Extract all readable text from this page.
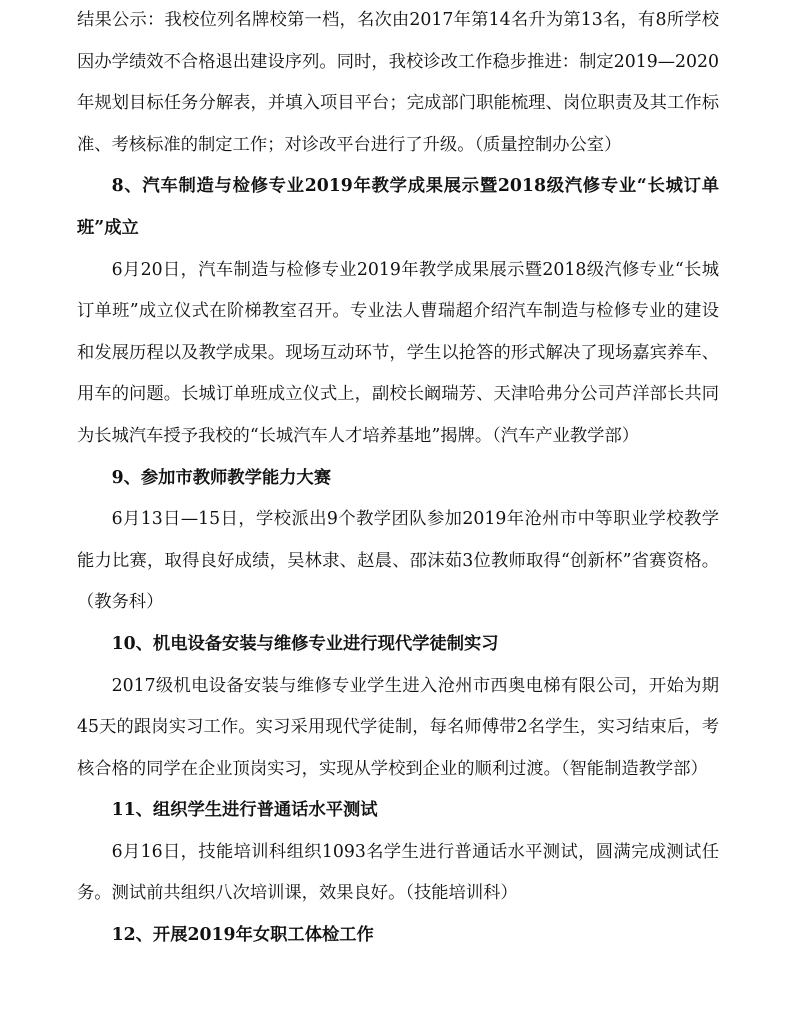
结果公示：我校位列名牌校第一档，名次由2017年第14名升为第13名，有8所学校因办学绩效不合格退出建设序列。同时，我校诊改工作稳步推进：制定2019—2020年规划目标任务分解表，并填入项目平台；完成部门职能梳理、岗位职责及其工作标准、考核标准的制定工作；对诊改平台进行了升级。（质量控制办公室）

8、汽车制造与检修专业2019年教学成果展示暨2018级汽修专业“长城订单班”成立

6月20日，汽车制造与检修专业2019年教学成果展示暨2018级汽修专业“长城订单班”成立仪式在阶梯教室召开。专业法人曹瑞超介绍汽车制造与检修专业的建设和发展历程以及教学成果。现场互动环节，学生以抢答的形式解决了现场嘉宾养车、用车的问题。长城订单班成立仪式上，副校长阚瑞芳、天津哈弗分公司芦洋部长共同为长城汽车授予我校的“长城汽车人才培养基地”揭牌。（汽车产业教学部）

9、参加市教师教学能力大赛

6月13日—15日，学校派出9个教学团队参加2019年沧州市中等职业学校教学能力比赛，取得良好成绩，吴林隶、赵晨、邵沫茹3位教师取得“创新杯”省赛资格。（教务科）

10、机电设备安装与维修专业进行现代学徒制实习

2017级机电设备安装与维修专业学生进入沧州市西奥电梯有限公司，开始为期45天的跟岗实习工作。实习采用现代学徒制，每名师傅带2名学生，实习结束后，考核合格的同学在企业顶岗实习，实现从学校到企业的顺利过渡。（智能制造教学部）

11、组织学生进行普通话水平测试

6月16日，技能培训科组织1093名学生进行普通话水平测试，圆满完成测试任务。测试前共组织八次培训课，效果良好。（技能培训科）

12、开展2019年女职工体检工作
